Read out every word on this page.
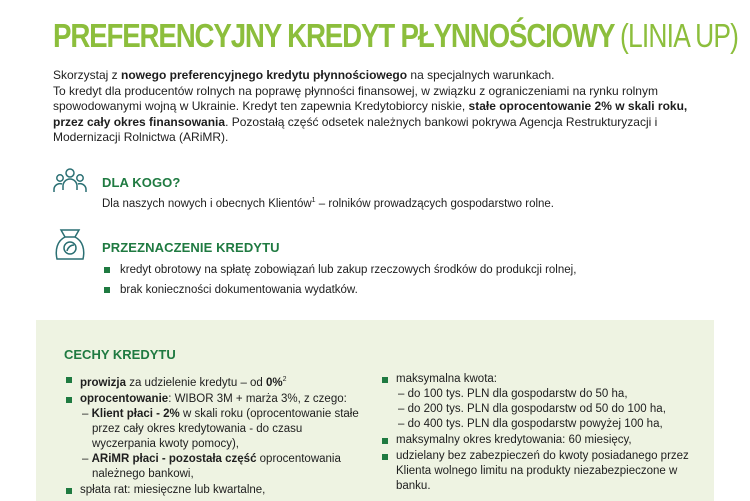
PREFERENCYJNY KREDYT PŁYNNOŚCIOWY (LINIA UP)
Skorzystaj z nowego preferencyjnego kredytu płynnościowego na specjalnych warunkach.
To kredyt dla producentów rolnych na poprawę płynności finansowej, w związku z ograniczeniami na rynku rolnym spowodowanymi wojną w Ukrainie. Kredyt ten zapewnia Kredytobiorcy niskie, stałe oprocentowanie 2% w skali roku, przez cały okres finansowania. Pozostałą część odsetek należnych bankowi pokrywa Agencja Restrukturyzacji i Modernizacji Rolnictwa (ARiMR).
DLA KOGO?
Dla naszych nowych i obecnych Klientów$^1$ – rolników prowadzących gospodarstwo rolne.
PRZEZNACZENIE KREDYTU
kredyt obrotowy na spłatę zobowiązań lub zakup rzeczowych środków do produkcji rolnej,
brak konieczności dokumentowania wydatków.
CECHY KREDYTU
prowizja za udzielenie kredytu – od 0%$^2$
oprocentowanie: WIBOR 3M + marża 3%, z czego:
– Klient płaci - 2% w skali roku (oprocentowanie stałe przez cały okres kredytowania - do czasu wyczerpania kwoty pomocy),
– ARiMR płaci - pozostała część oprocentowania należnego bankowi,
spłata rat: miesięczne lub kwartalne,
maksymalna kwota:
– do 100 tys. PLN dla gospodarstw do 50 ha,
– do 200 tys. PLN dla gospodarstw od 50 do 100 ha,
– do 400 tys. PLN dla gospodarstw powyżej 100 ha,
maksymalny okres kredytowania: 60 miesięcy,
udzielany bez zabezpieczeń do kwoty posiadanego przez Klienta wolnego limitu na produkty niezabezpieczone w banku.
